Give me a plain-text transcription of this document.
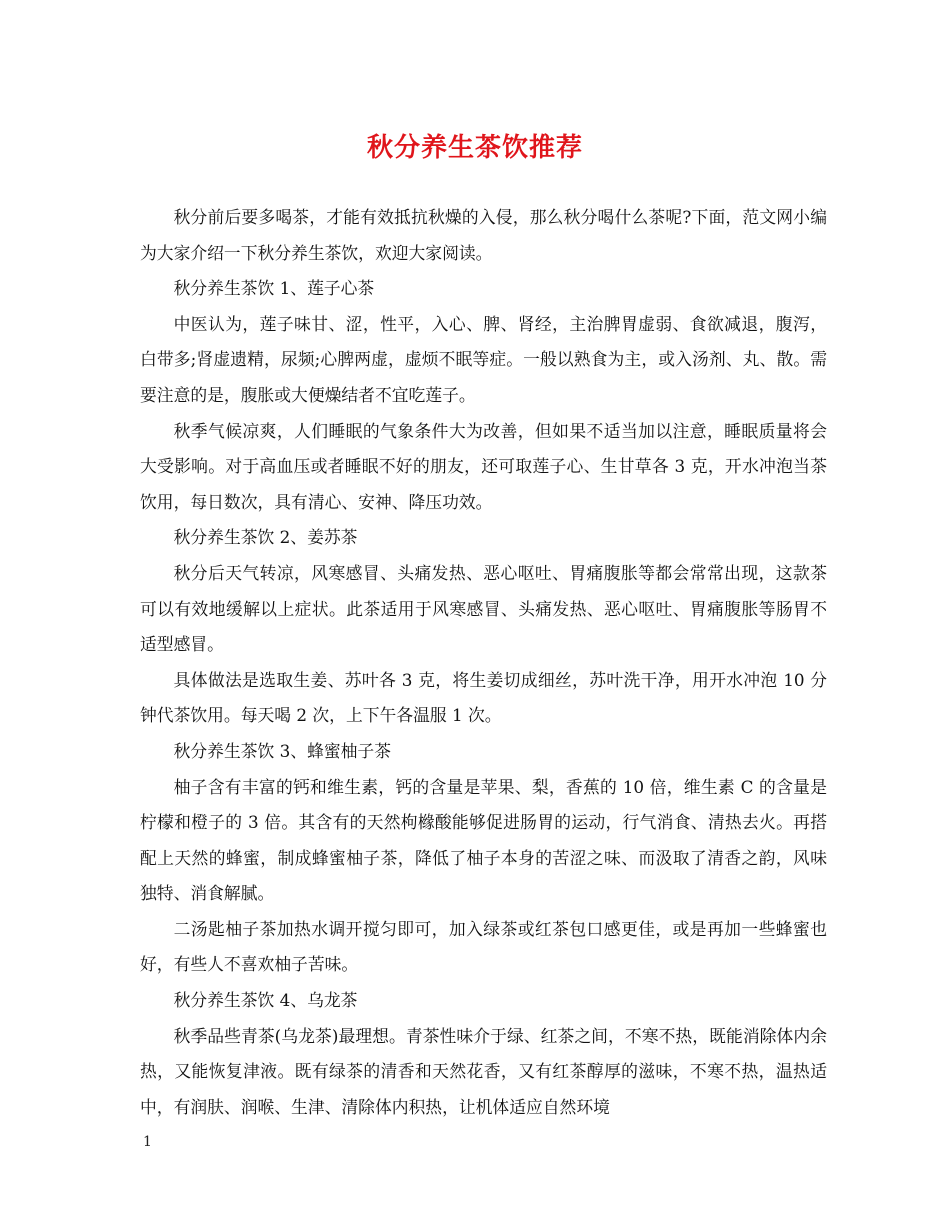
秋分养生茶饮推荐

秋分前后要多喝茶，才能有效抵抗秋燥的入侵，那么秋分喝什么茶呢?下面，范文网小编为大家介绍一下秋分养生茶饮，欢迎大家阅读。

秋分养生茶饮 1、莲子心茶

中医认为，莲子味甘、涩，性平，入心、脾、肾经，主治脾胃虚弱、食欲减退，腹泻，白带多;肾虚遗精，尿频;心脾两虚，虚烦不眠等症。一般以熟食为主，或入汤剂、丸、散。需要注意的是，腹胀或大便燥结者不宜吃莲子。

秋季气候凉爽，人们睡眠的气象条件大为改善，但如果不适当加以注意，睡眠质量将会大受影响。对于高血压或者睡眠不好的朋友，还可取莲子心、生甘草各 3 克，开水冲泡当茶饮用，每日数次，具有清心、安神、降压功效。

秋分养生茶饮 2、姜苏茶

秋分后天气转凉，风寒感冒、头痛发热、恶心呕吐、胃痛腹胀等都会常常出现，这款茶可以有效地缓解以上症状。此茶适用于风寒感冒、头痛发热、恶心呕吐、胃痛腹胀等肠胃不适型感冒。

具体做法是选取生姜、苏叶各 3 克，将生姜切成细丝，苏叶洗干净，用开水冲泡 10 分钟代茶饮用。每天喝 2 次，上下午各温服 1 次。

秋分养生茶饮 3、蜂蜜柚子茶

柚子含有丰富的钙和维生素，钙的含量是苹果、梨，香蕉的 10 倍，维生素 C 的含量是柠檬和橙子的 3 倍。其含有的天然枸橼酸能够促进肠胃的运动，行气消食、清热去火。再搭配上天然的蜂蜜，制成蜂蜜柚子茶，降低了柚子本身的苦涩之味、而汲取了清香之韵，风味独特、消食解腻。

二汤匙柚子茶加热水调开搅匀即可，加入绿茶或红茶包口感更佳，或是再加一些蜂蜜也好，有些人不喜欢柚子苦味。

秋分养生茶饮 4、乌龙茶

秋季品些青茶(乌龙茶)最理想。青茶性味介于绿、红茶之间，不寒不热，既能消除体内余热，又能恢复津液。既有绿茶的清香和天然花香，又有红茶醇厚的滋味，不寒不热，温热适中，有润肤、润喉、生津、清除体内积热，让机体适应自然环境

1
